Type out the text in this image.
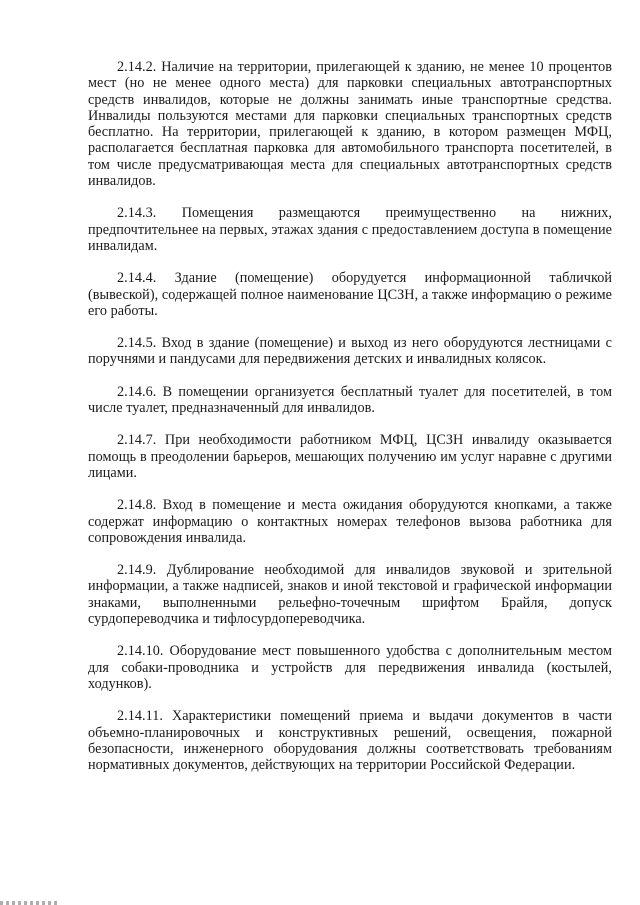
2.14.2. Наличие на территории, прилегающей к зданию, не менее 10 процентов мест (но не менее одного места) для парковки специальных автотранспортных средств инвалидов, которые не должны занимать иные транспортные средства. Инвалиды пользуются местами для парковки специальных транспортных средств бесплатно. На территории, прилегающей к зданию, в котором размещен МФЦ, располагается бесплатная парковка для автомобильного транспорта посетителей, в том числе предусматривающая места для специальных автотранспортных средств инвалидов.

2.14.3. Помещения размещаются преимущественно на нижних, предпочтительнее на первых, этажах здания с предоставлением доступа в помещение инвалидам.

2.14.4. Здание (помещение) оборудуется информационной табличкой (вывеской), содержащей полное наименование ЦСЗН, а также информацию о режиме его работы.

2.14.5. Вход в здание (помещение) и выход из него оборудуются лестницами с поручнями и пандусами для передвижения детских и инвалидных колясок.

2.14.6. В помещении организуется бесплатный туалет для посетителей, в том числе туалет, предназначенный для инвалидов.

2.14.7. При необходимости работником МФЦ, ЦСЗН инвалиду оказывается помощь в преодолении барьеров, мешающих получению им услуг наравне с другими лицами.

2.14.8. Вход в помещение и места ожидания оборудуются кнопками, а также содержат информацию о контактных номерах телефонов вызова работника для сопровождения инвалида.

2.14.9. Дублирование необходимой для инвалидов звуковой и зрительной информации, а также надписей, знаков и иной текстовой и графической информации знаками, выполненными рельефно-точечным шрифтом Брайля, допуск сурдопереводчика и тифлосурдопереводчика.

2.14.10. Оборудование мест повышенного удобства с дополнительным местом для собаки-проводника и устройств для передвижения инвалида (костылей, ходунков).

2.14.11. Характеристики помещений приема и выдачи документов в части объемно-планировочных и конструктивных решений, освещения, пожарной безопасности, инженерного оборудования должны соответствовать требованиям нормативных документов, действующих на территории Российской Федерации.
